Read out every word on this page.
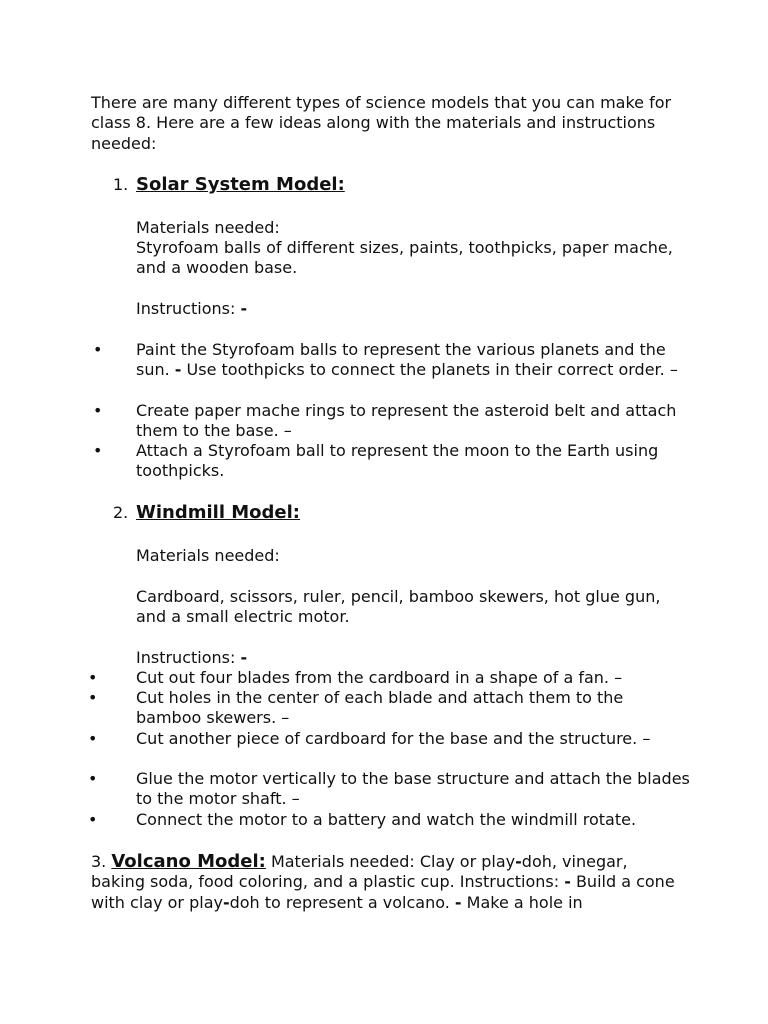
There are many different types of science models that you can make for class 8. Here are a few ideas along with the materials and instructions needed:
1. Solar System Model:
Materials needed:
Styrofoam balls of different sizes, paints, toothpicks, paper mache, and a wooden base.
Instructions: -
• Paint the Styrofoam balls to represent the various planets and the sun. - Use toothpicks to connect the planets in their correct order. –
• Create paper mache rings to represent the asteroid belt and attach them to the base. –
• Attach a Styrofoam ball to represent the moon to the Earth using toothpicks.
2. Windmill Model:
Materials needed:
Cardboard, scissors, ruler, pencil, bamboo skewers, hot glue gun, and a small electric motor.
Instructions: -
• Cut out four blades from the cardboard in a shape of a fan. –
• Cut holes in the center of each blade and attach them to the bamboo skewers. –
• Cut another piece of cardboard for the base and the structure. –
• Glue the motor vertically to the base structure and attach the blades to the motor shaft. –
• Connect the motor to a battery and watch the windmill rotate.
3. Volcano Model: Materials needed: Clay or play-doh, vinegar, baking soda, food coloring, and a plastic cup. Instructions: - Build a cone with clay or play-doh to represent a volcano. - Make a hole in
